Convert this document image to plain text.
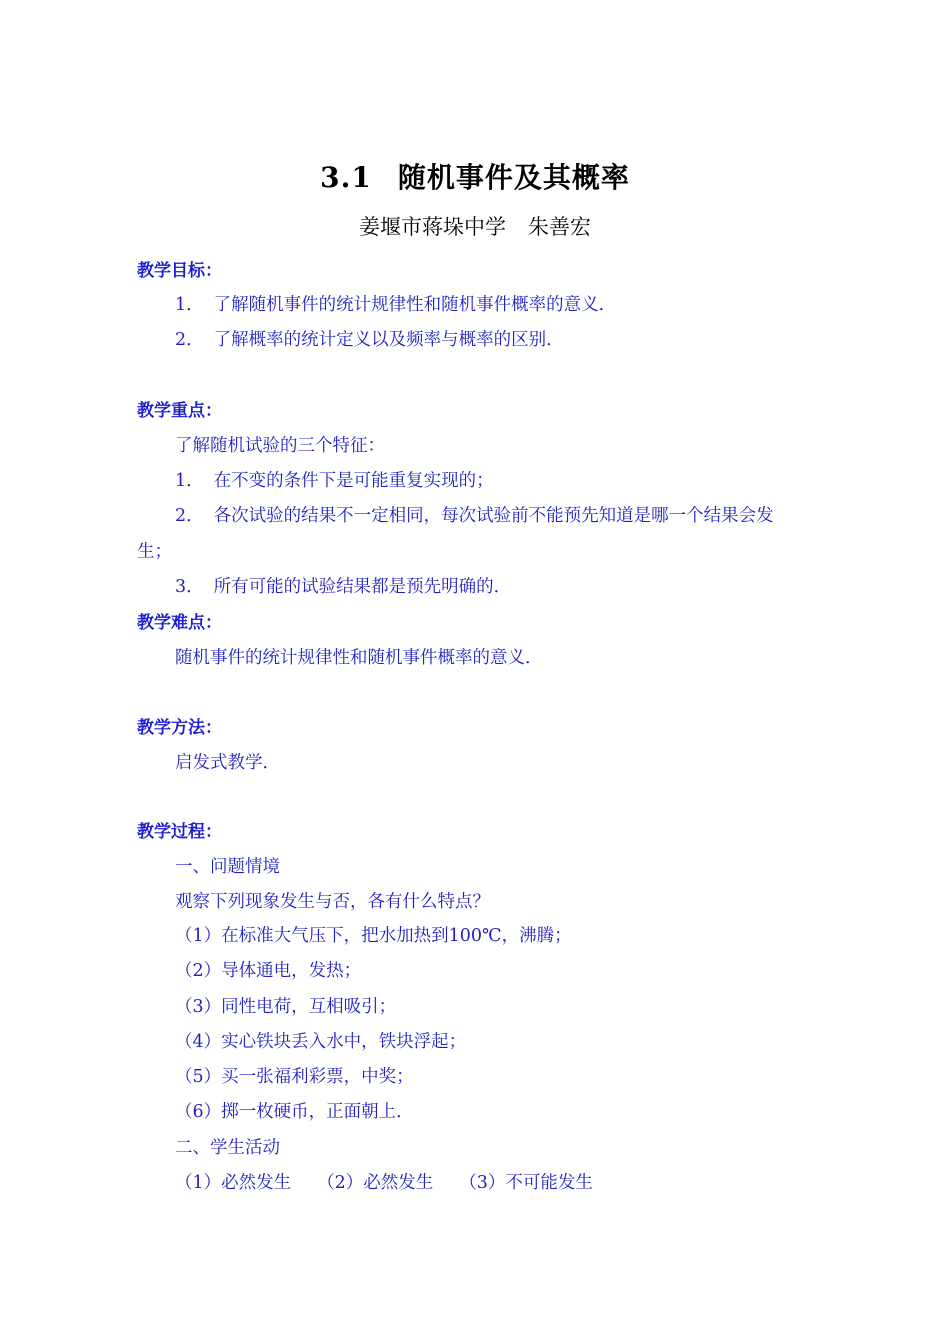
3.1 随机事件及其概率
姜堰市蒋垛中学 朱善宏
教学目标：
1． 了解随机事件的统计规律性和随机事件概率的意义．
2． 了解概率的统计定义以及频率与概率的区别．
教学重点：
了解随机试验的三个特征：
1． 在不变的条件下是可能重复实现的；
2． 各次试验的结果不一定相同，每次试验前不能预先知道是哪一个结果会发
生；
3． 所有可能的试验结果都是预先明确的．
教学难点：
随机事件的统计规律性和随机事件概率的意义．
教学方法：
启发式教学．
教学过程：
一、问题情境
观察下列现象发生与否，各有什么特点？
（1）在标准大气压下，把水加热到100℃，沸腾；
（2）导体通电，发热；
（3）同性电荷，互相吸引；
（4）实心铁块丢入水中，铁块浮起；
（5）买一张福利彩票，中奖；
（6）掷一枚硬币，正面朝上．
二、学生活动
（1）必然发生 （2）必然发生 （3）不可能发生
